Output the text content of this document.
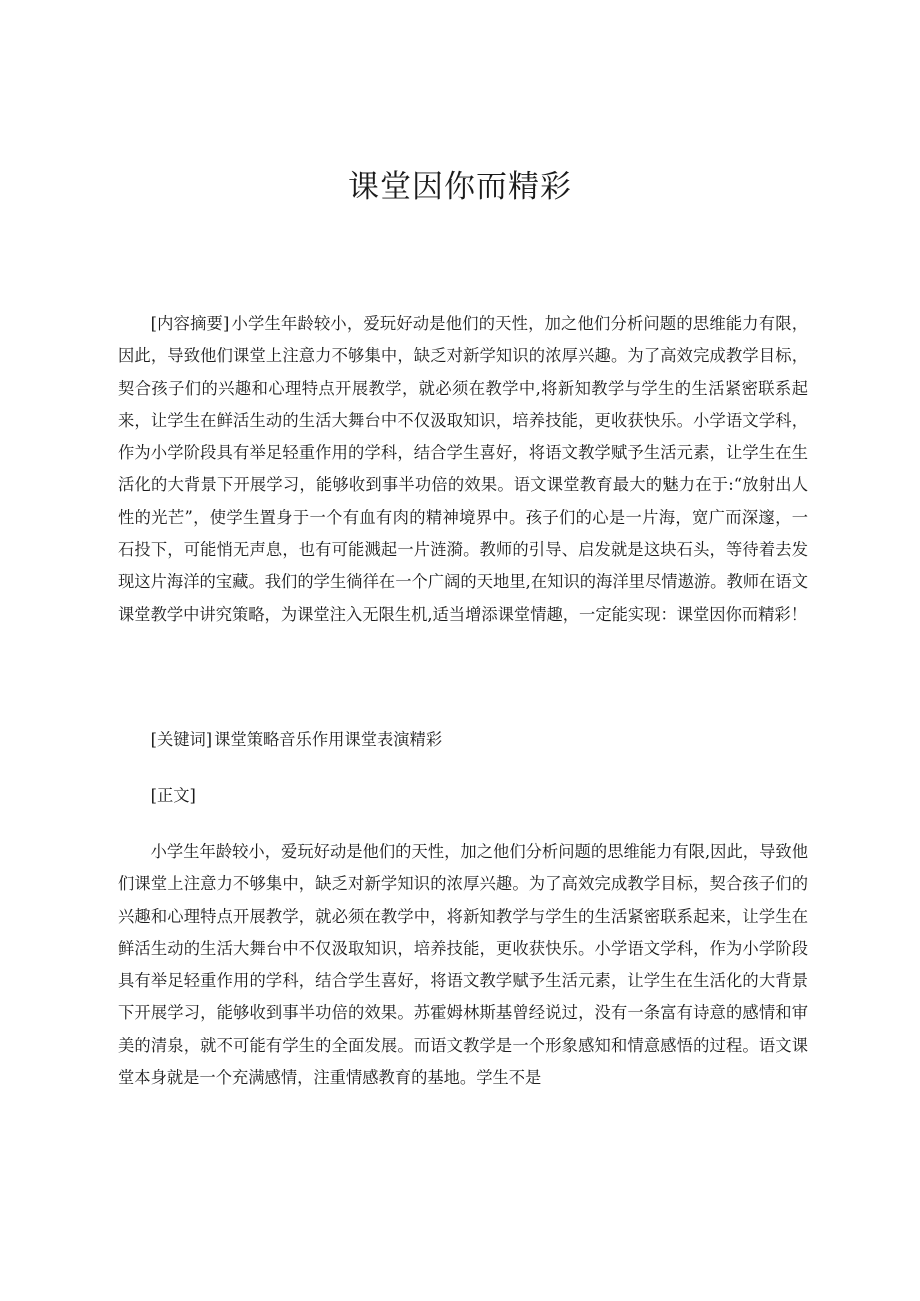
课堂因你而精彩

[内容摘要] 小学生年龄较小，爱玩好动是他们的天性，加之他们分析问题的思维能力有限，因此，导致他们课堂上注意力不够集中，缺乏对新学知识的浓厚兴趣。为了高效完成教学目标，契合孩子们的兴趣和心理特点开展教学，就必须在教学中,将新知教学与学生的生活紧密联系起来，让学生在鲜活生动的生活大舞台中不仅汲取知识，培养技能，更收获快乐。小学语文学科，作为小学阶段具有举足轻重作用的学科，结合学生喜好，将语文教学赋予生活元素，让学生在生活化的大背景下开展学习，能够收到事半功倍的效果。语文课堂教育最大的魅力在于:“放射出人性的光芒”，使学生置身于一个有血有肉的精神境界中。孩子们的心是一片海，宽广而深邃，一石投下，可能悄无声息，也有可能溅起一片涟漪。教师的引导、启发就是这块石头，等待着去发现这片海洋的宝藏。我们的学生徜徉在一个广阔的天地里,在知识的海洋里尽情遨游。教师在语文课堂教学中讲究策略，为课堂注入无限生机,适当增添课堂情趣，一定能实现：课堂因你而精彩！

[关键词] 课堂策略音乐作用课堂表演精彩

[正文]

小学生年龄较小，爱玩好动是他们的天性，加之他们分析问题的思维能力有限,因此，导致他们课堂上注意力不够集中，缺乏对新学知识的浓厚兴趣。为了高效完成教学目标，契合孩子们的兴趣和心理特点开展教学，就必须在教学中，将新知教学与学生的生活紧密联系起来，让学生在鲜活生动的生活大舞台中不仅汲取知识，培养技能，更收获快乐。小学语文学科，作为小学阶段具有举足轻重作用的学科，结合学生喜好，将语文教学赋予生活元素，让学生在生活化的大背景下开展学习，能够收到事半功倍的效果。苏霍姆林斯基曾经说过，没有一条富有诗意的感情和审美的清泉，就不可能有学生的全面发展。而语文教学是一个形象感知和情意感悟的过程。语文课堂本身就是一个充满感情，注重情感教育的基地。学生不是
